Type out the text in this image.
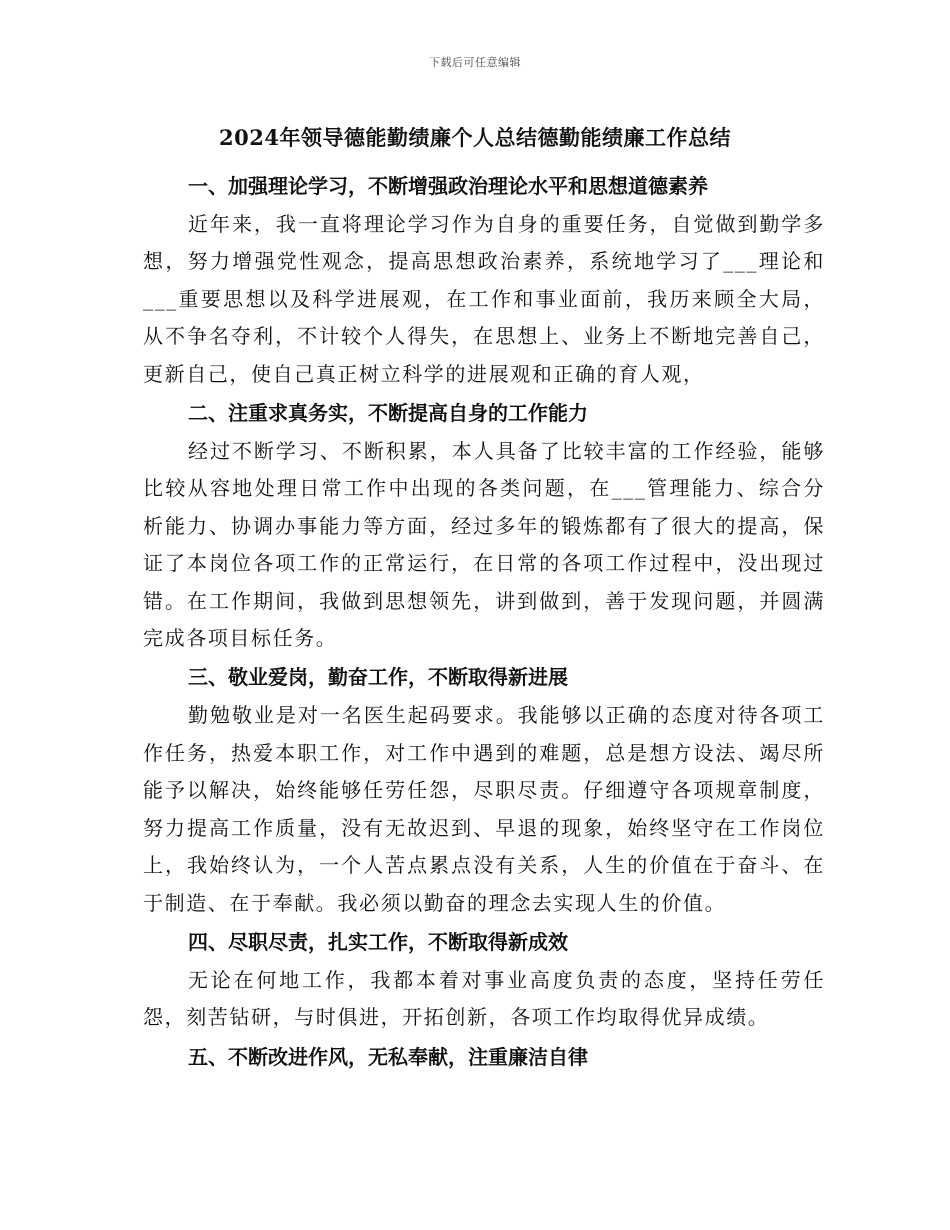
下载后可任意编辑
2024年领导德能勤绩廉个人总结德勤能绩廉工作总结
一、加强理论学习，不断增强政治理论水平和思想道德素养

近年来，我一直将理论学习作为自身的重要任务，自觉做到勤学多想，努力增强党性观念，提高思想政治素养，系统地学习了___理论和___重要思想以及科学进展观，在工作和事业面前，我历来顾全大局，从不争名夺利，不计较个人得失，在思想上、业务上不断地完善自己，更新自己，使自己真正树立科学的进展观和正确的育人观，

二、注重求真务实，不断提高自身的工作能力

经过不断学习、不断积累，本人具备了比较丰富的工作经验，能够比较从容地处理日常工作中出现的各类问题，在___管理能力、综合分析能力、协调办事能力等方面，经过多年的锻炼都有了很大的提高，保证了本岗位各项工作的正常运行，在日常的各项工作过程中，没出现过错。在工作期间，我做到思想领先，讲到做到，善于发现问题，并圆满完成各项目标任务。

三、敬业爱岗，勤奋工作，不断取得新进展

勤勉敬业是对一名医生起码要求。我能够以正确的态度对待各项工作任务，热爱本职工作，对工作中遇到的难题，总是想方设法、竭尽所能予以解决，始终能够任劳任怨，尽职尽责。仔细遵守各项规章制度，努力提高工作质量，没有无故迟到、早退的现象，始终坚守在工作岗位上，我始终认为，一个人苦点累点没有关系，人生的价值在于奋斗、在于制造、在于奉献。我必须以勤奋的理念去实现人生的价值。

四、尽职尽责，扎实工作，不断取得新成效

无论在何地工作，我都本着对事业高度负责的态度，坚持任劳任怨，刻苦钻研，与时俱进，开拓创新，各项工作均取得优异成绩。

五、不断改进作风，无私奉献，注重廉洁自律
